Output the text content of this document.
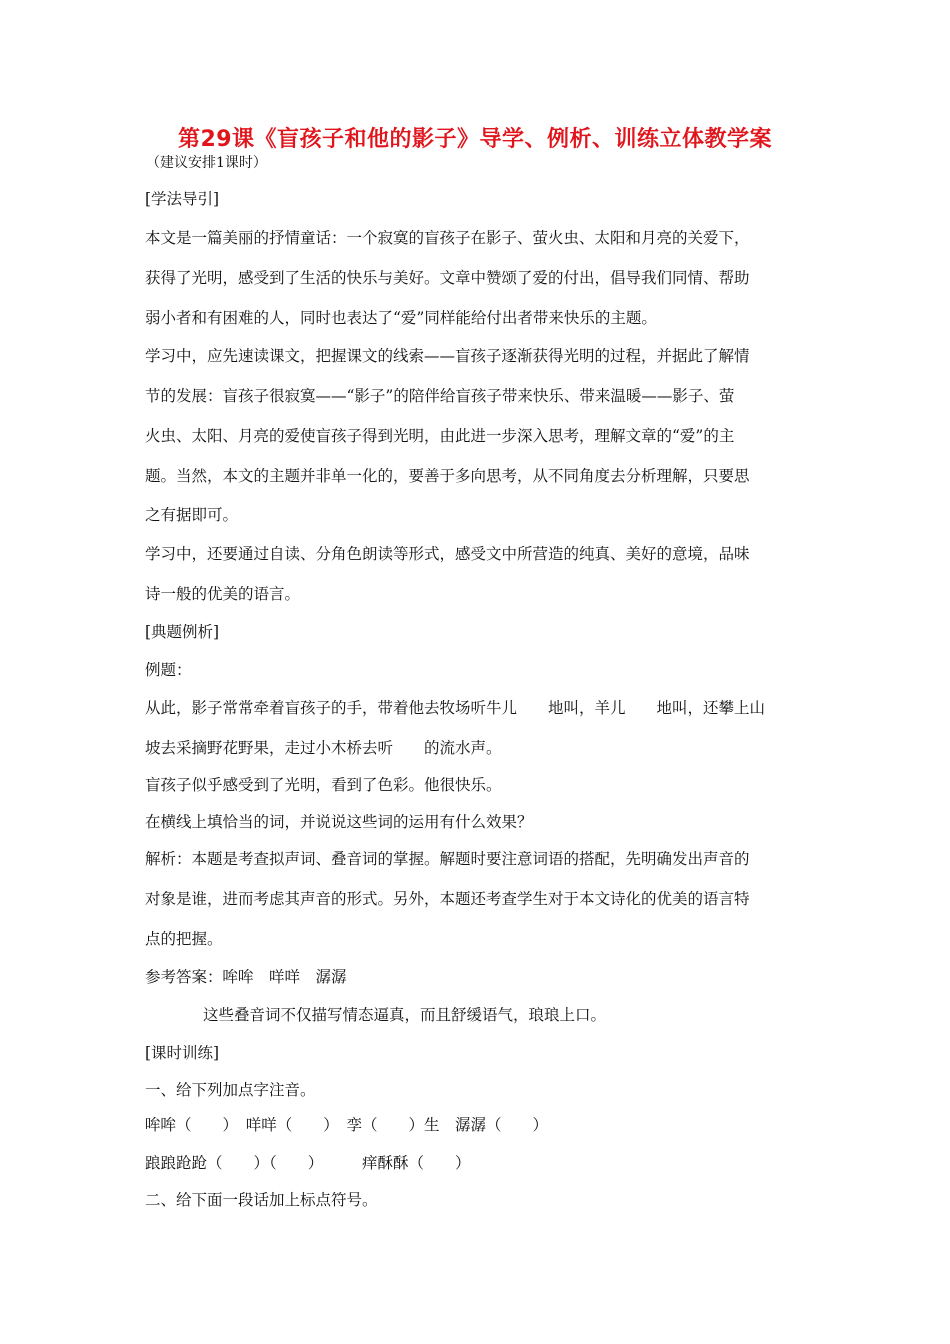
第29课《盲孩子和他的影子》导学、例析、训练立体教学案
（建议安排1课时）
[学法导引]
本文是一篇美丽的抒情童话：一个寂寞的盲孩子在影子、萤火虫、太阳和月亮的关爱下，
获得了光明，感受到了生活的快乐与美好。文章中赞颂了爱的付出，倡导我们同情、帮助
弱小者和有困难的人，同时也表达了“爱”同样能给付出者带来快乐的主题。
学习中，应先速读课文，把握课文的线索——盲孩子逐渐获得光明的过程，并据此了解情
节的发展：盲孩子很寂寞——“影子”的陪伴给盲孩子带来快乐、带来温暖——影子、萤
火虫、太阳、月亮的爱使盲孩子得到光明，由此进一步深入思考，理解文章的“爱”的主
题。当然，本文的主题并非单一化的，要善于多向思考，从不同角度去分析理解，只要思
之有据即可。
学习中，还要通过自读、分角色朗读等形式，感受文中所营造的纯真、美好的意境，品味
诗一般的优美的语言。
[典题例析]
例题：
从此，影子常常牵着盲孩子的手，带着他去牧场听牛儿　　地叫，羊儿　　地叫，还攀上山
坡去采摘野花野果，走过小木桥去听　　的流水声。
盲孩子似乎感受到了光明，看到了色彩。他很快乐。
在横线上填恰当的词，并说说这些词的运用有什么效果？
解析：本题是考查拟声词、叠音词的掌握。解题时要注意词语的搭配，先明确发出声音的
对象是谁，进而考虑其声音的形式。另外，本题还考查学生对于本文诗化的优美的语言特
点的把握。
参考答案：哞哞　咩咩　潺潺
这些叠音词不仅描写情态逼真，而且舒缓语气，琅琅上口。
[课时训练]
一、给下列加点字注音。
哞哞（　　）　咩咩（　　）　孪（　　）生　潺潺（　　）
踉踉跄跄（　　）（　　）　　　痒酥酥（　　）
二、给下面一段话加上标点符号。
